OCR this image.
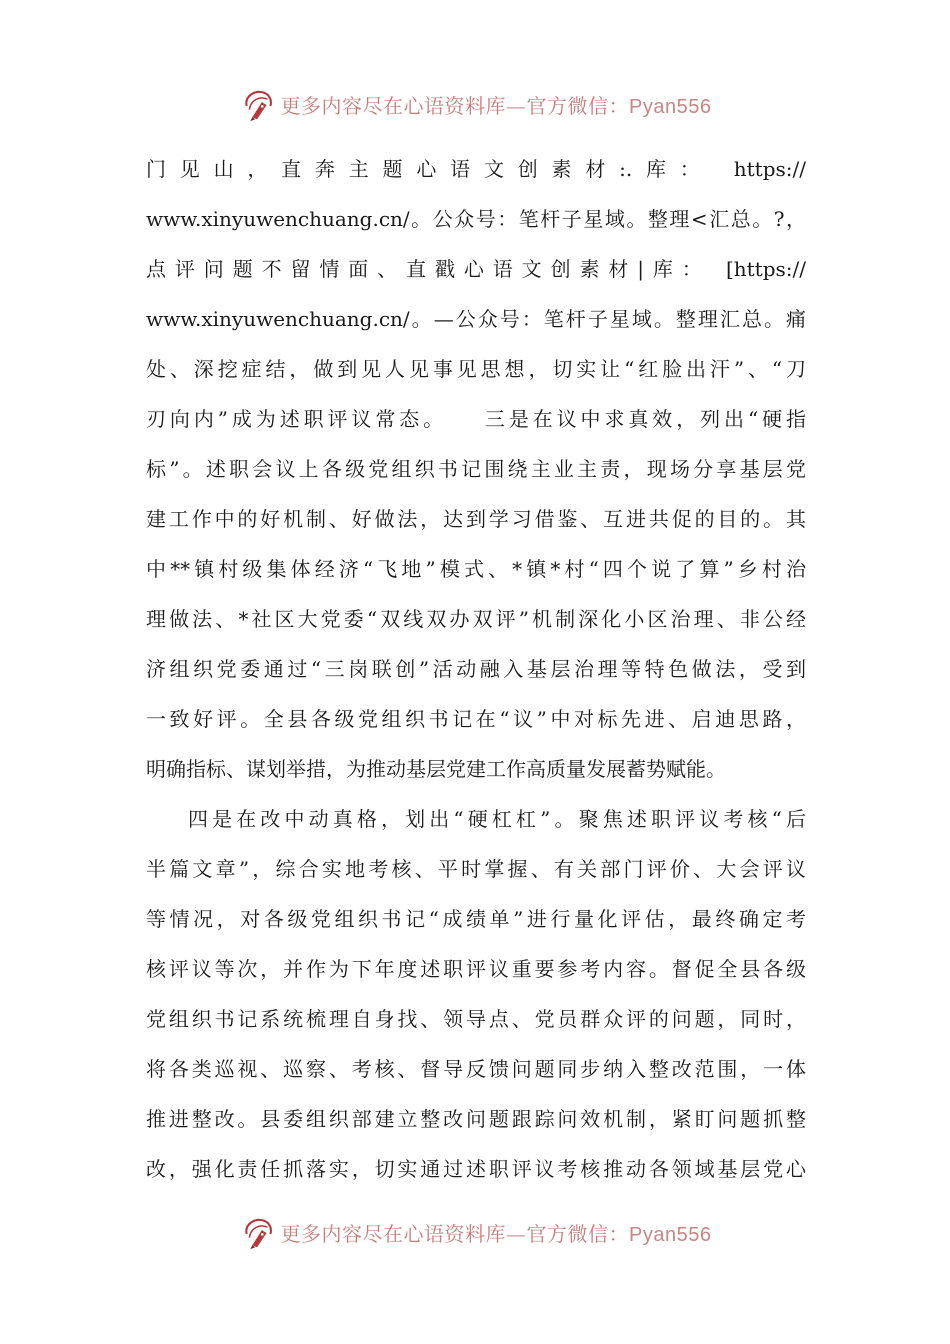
更多内容尽在心语资料库—官方微信：Pyan556
门见山，直奔主题心语文创素材:.库： https://
www.xinyuwenchuang.cn/。公众号：笔杆子星域。整理<汇总。?，
点评问题不留情面、直戳心语文创素材|库： [https://
www.xinyuwenchuang.cn/。—公众号：笔杆子星域。整理汇总。痛
处、深挖症结，做到见人见事见思想，切实让“红脸出汗”、“刀
刃向内”成为述职评议常态。　　三是在议中求真效，列出“硬指
标”。述职会议上各级党组织书记围绕主业主责，现场分享基层党
建工作中的好机制、好做法，达到学习借鉴、互进共促的目的。其
中**镇村级集体经济“飞地”模式、*镇*村“四个说了算”乡村治
理做法、*社区大党委“双线双办双评”机制深化小区治理、非公经
济组织党委通过“三岗联创”活动融入基层治理等特色做法，受到
一致好评。全县各级党组织书记在“议”中对标先进、启迪思路，
明确指标、谋划举措，为推动基层党建工作高质量发展蓄势赋能。
四是在改中动真格，划出“硬杠杠”。聚焦述职评议考核“后
半篇文章”，综合实地考核、平时掌握、有关部门评价、大会评议
等情况，对各级党组织书记“成绩单”进行量化评估，最终确定考
核评议等次，并作为下年度述职评议重要参考内容。督促全县各级
党组织书记系统梳理自身找、领导点、党员群众评的问题，同时，
将各类巡视、巡察、考核、督导反馈问题同步纳入整改范围，一体
推进整改。县委组织部建立整改问题跟踪问效机制，紧盯问题抓整
改，强化责任抓落实，切实通过述职评议考核推动各领域基层党心
更多内容尽在心语资料库—官方微信：Pyan556
